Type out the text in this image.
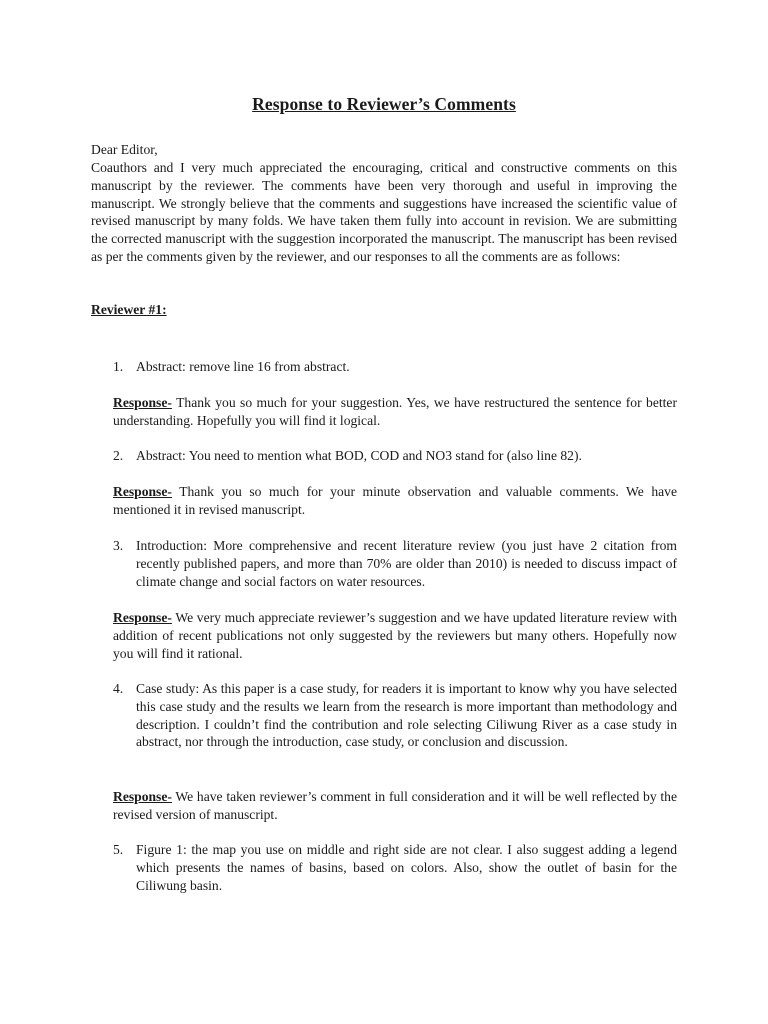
Response to Reviewer’s Comments
Dear Editor,
Coauthors and I very much appreciated the encouraging, critical and constructive comments on this manuscript by the reviewer. The comments have been very thorough and useful in improving the manuscript. We strongly believe that the comments and suggestions have increased the scientific value of revised manuscript by many folds. We have taken them fully into account in revision. We are submitting the corrected manuscript with the suggestion incorporated the manuscript. The manuscript has been revised as per the comments given by the reviewer, and our responses to all the comments are as follows:
Reviewer #1:
1. Abstract: remove line 16 from abstract.
Response- Thank you so much for your suggestion. Yes, we have restructured the sentence for better understanding. Hopefully you will find it logical.
2. Abstract: You need to mention what BOD, COD and NO3 stand for (also line 82).
Response- Thank you so much for your minute observation and valuable comments. We have mentioned it in revised manuscript.
3. Introduction: More comprehensive and recent literature review (you just have 2 citation from recently published papers, and more than 70% are older than 2010) is needed to discuss impact of climate change and social factors on water resources.
Response- We very much appreciate reviewer’s suggestion and we have updated literature review with addition of recent publications not only suggested by the reviewers but many others. Hopefully now you will find it rational.
4. Case study: As this paper is a case study, for readers it is important to know why you have selected this case study and the results we learn from the research is more important than methodology and description. I couldn’t find the contribution and role selecting Ciliwung River as a case study in abstract, nor through the introduction, case study, or conclusion and discussion.
Response- We have taken reviewer’s comment in full consideration and it will be well reflected by the revised version of manuscript.
5. Figure 1: the map you use on middle and right side are not clear. I also suggest adding a legend which presents the names of basins, based on colors. Also, show the outlet of basin for the Ciliwung basin.
